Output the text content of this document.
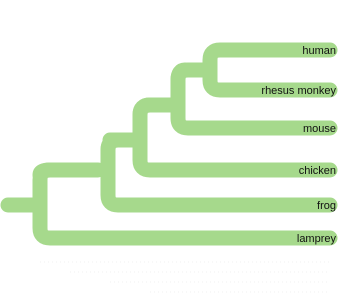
human
rhesus monkey
mouse
chicken
frog
lamprey
